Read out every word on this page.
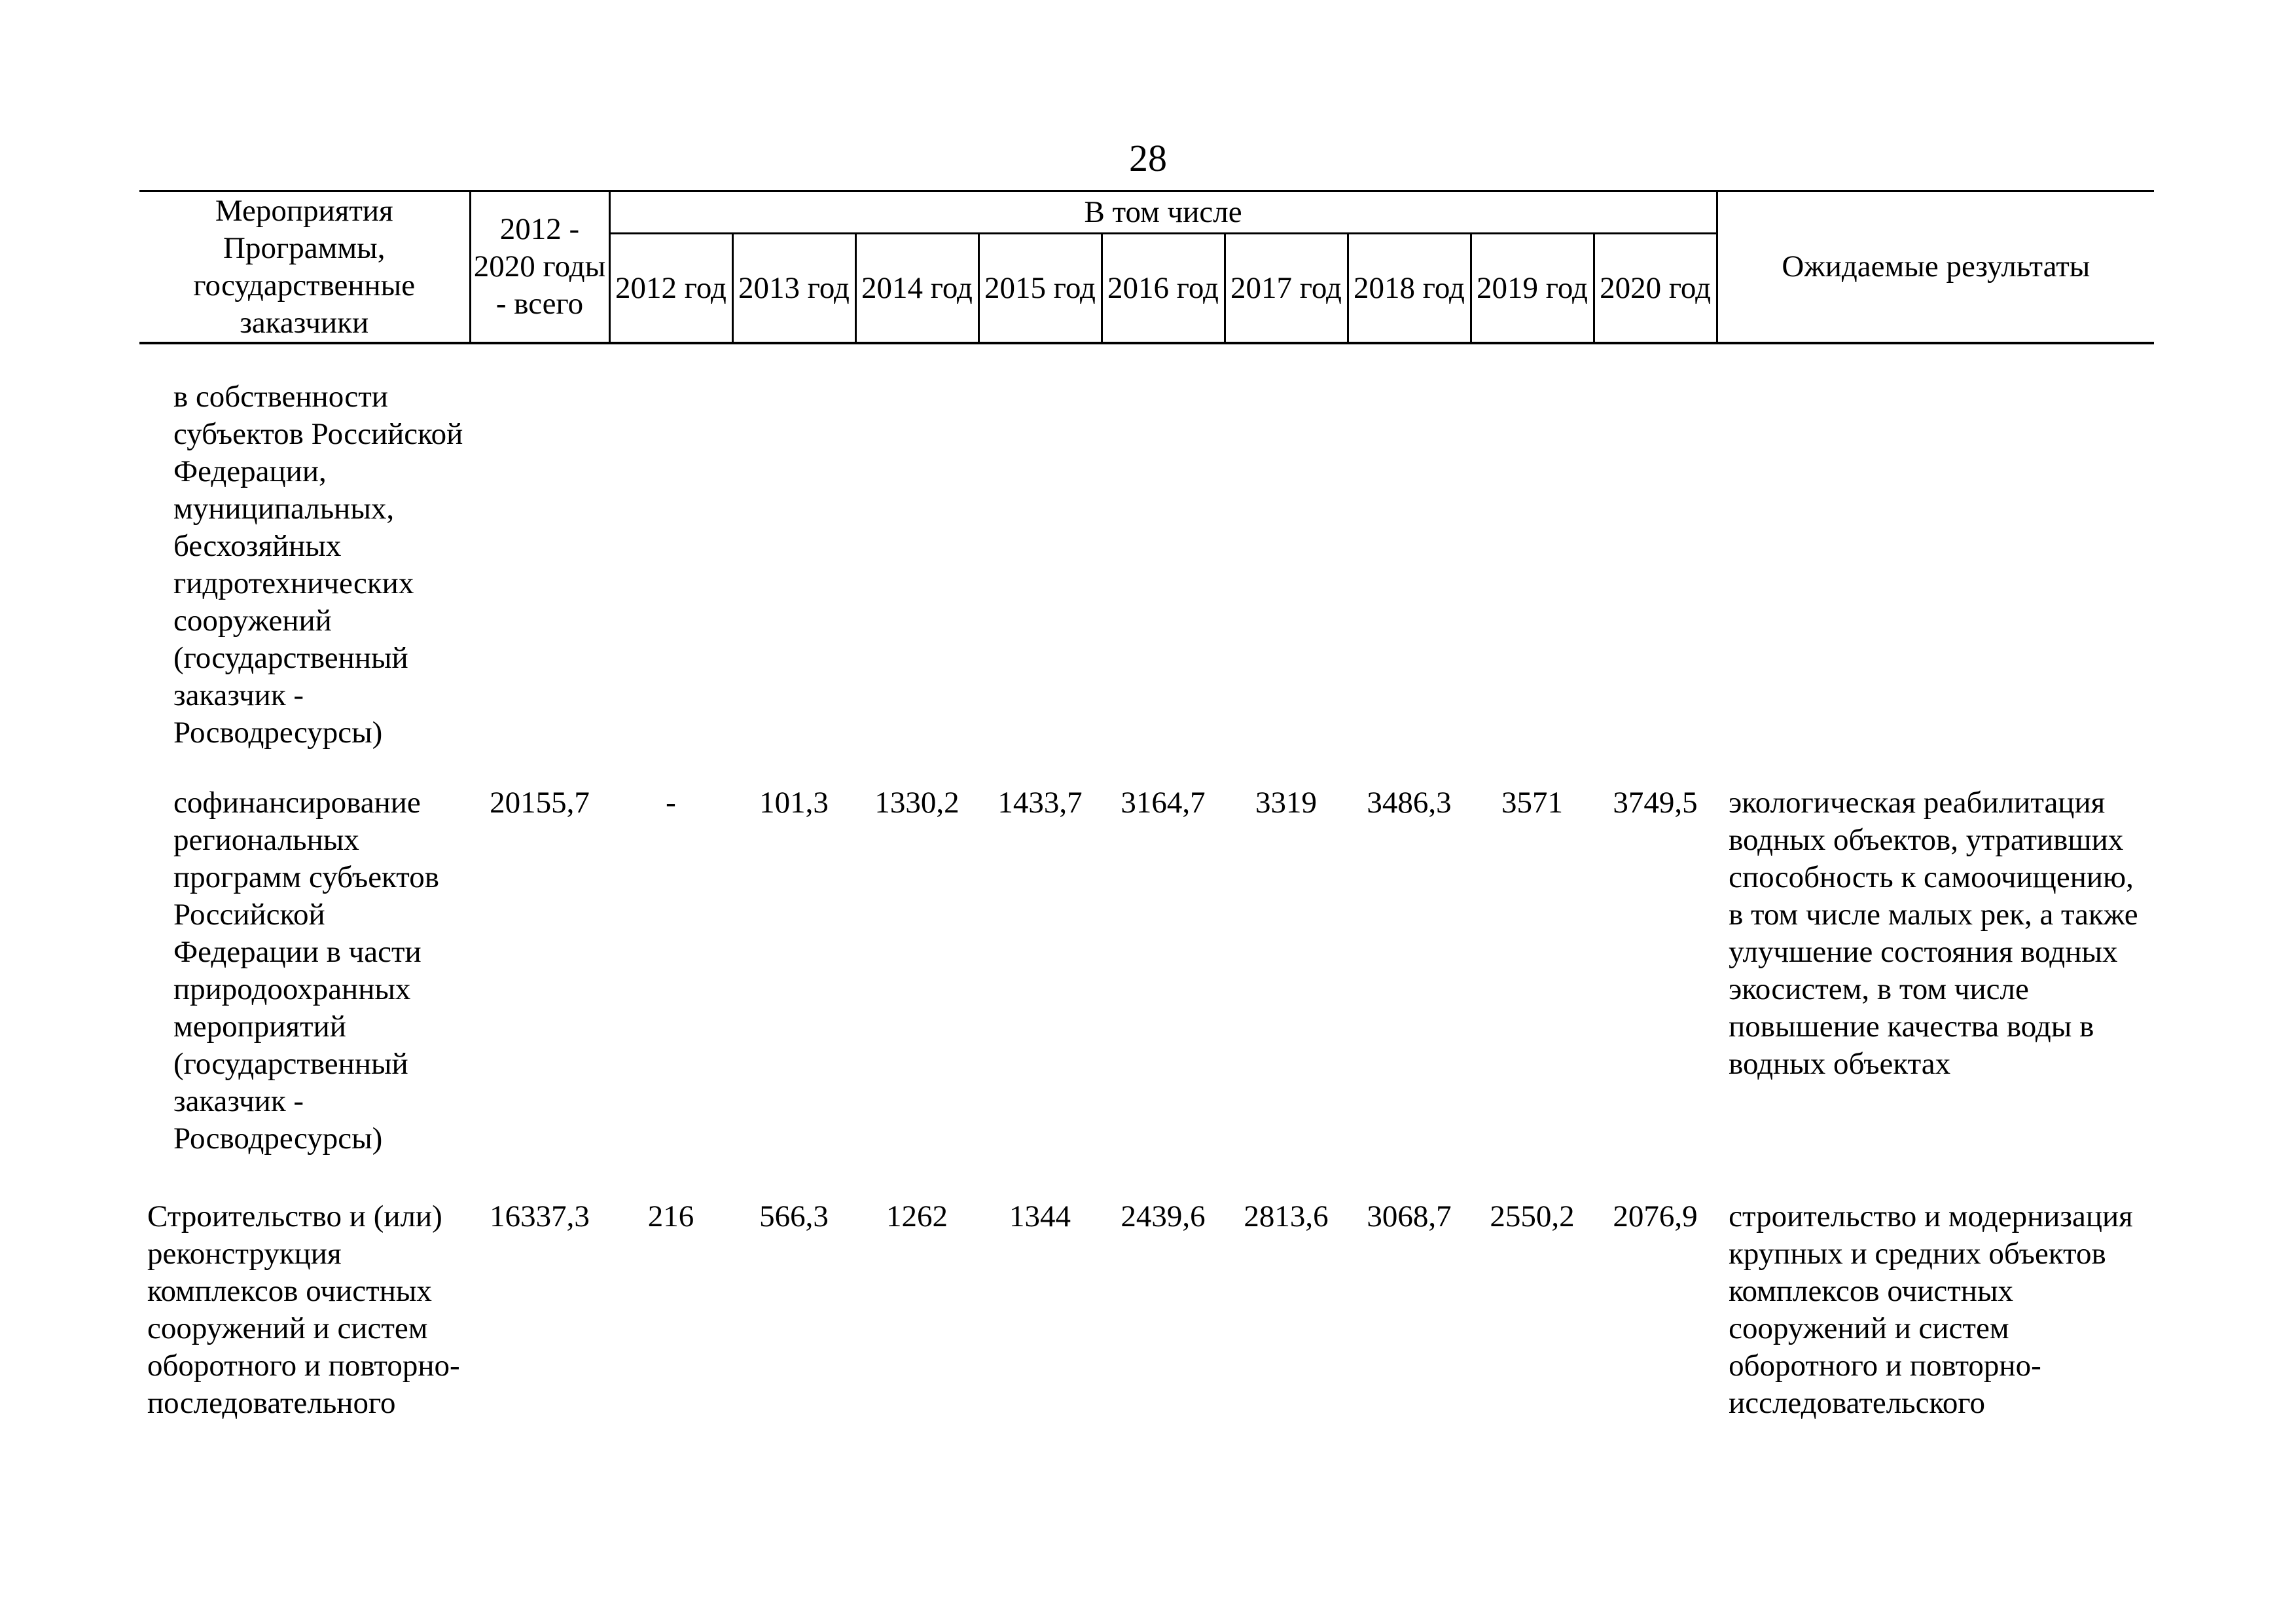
28
Мероприятия Программы, государственные заказчики	2012 - 2020 годы - всего	В том числе									Ожидаемые результаты
		2012 год	2013 год	2014 год	2015 год	2016 год	2017 год	2018 год	2019 год	2020 год	
в собственности субъектов Российской Федерации, муниципальных, бесхозяйных гидротехнических сооружений (государственный заказчик - Росводресурсы)											
софинансирование региональных программ субъектов Российской Федерации в части природоохранных мероприятий (государственный заказчик - Росводресурсы)	20155,7	-	101,3	1330,2	1433,7	3164,7	3319	3486,3	3571	3749,5	экологическая реабилитация водных объектов, утративших способность к самоочищению, в том числе малых рек, а также улучшение состояния водных экосистем, в том числе повышение качества воды в водных объектах
Строительство и (или) реконструкция комплексов очистных сооружений и систем оборотного и повторно-последовательного	16337,3	216	566,3	1262	1344	2439,6	2813,6	3068,7	2550,2	2076,9	строительство и модернизация крупных и средних объектов комплексов очистных сооружений и систем оборотного и повторно-исследовательского
